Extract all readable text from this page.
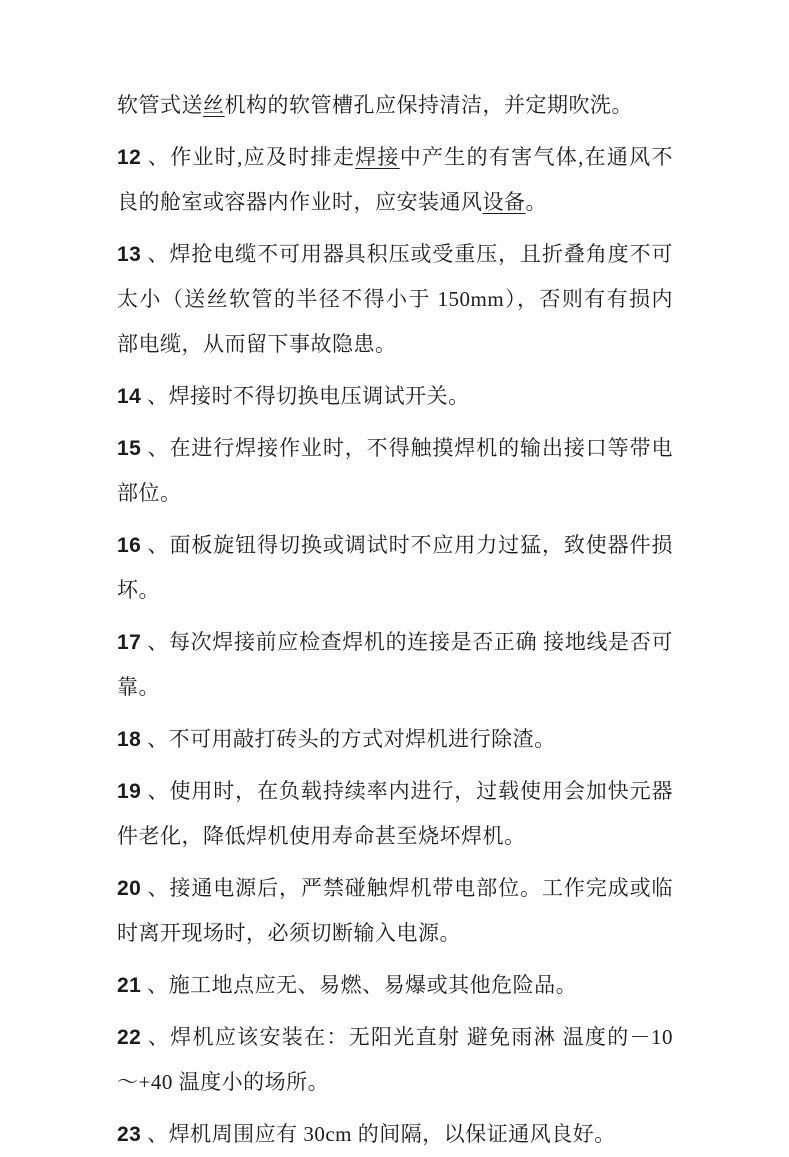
软管式送丝机构的软管槽孔应保持清洁，并定期吹洗。

12 、作业时,应及时排走焊接中产生的有害气体,在通风不良的舱室或容器内作业时，应安装通风设备。

13 、焊抢电缆不可用器具积压或受重压，且折叠角度不可太小（送丝软管的半径不得小于 150mm），否则有有损内部电缆，从而留下事故隐患。

14 、焊接时不得切换电压调试开关。

15 、在进行焊接作业时，不得触摸焊机的输出接口等带电部位。

16 、面板旋钮得切换或调试时不应用力过猛，致使器件损坏。

17 、每次焊接前应检查焊机的连接是否正确 接地线是否可靠。

18 、不可用敲打砖头的方式对焊机进行除渣。

19 、使用时，在负载持续率内进行，过载使用会加快元器件老化，降低焊机使用寿命甚至烧坏焊机。

20 、接通电源后，严禁碰触焊机带电部位。工作完成或临时离开现场时，必须切断输入电源。

21 、施工地点应无、易燃、易爆或其他危险品。

22 、焊机应该安装在：无阳光直射 避免雨淋 温度的－10～+40 温度小的场所。

23 、焊机周围应有 30cm 的间隔，以保证通风良好。
